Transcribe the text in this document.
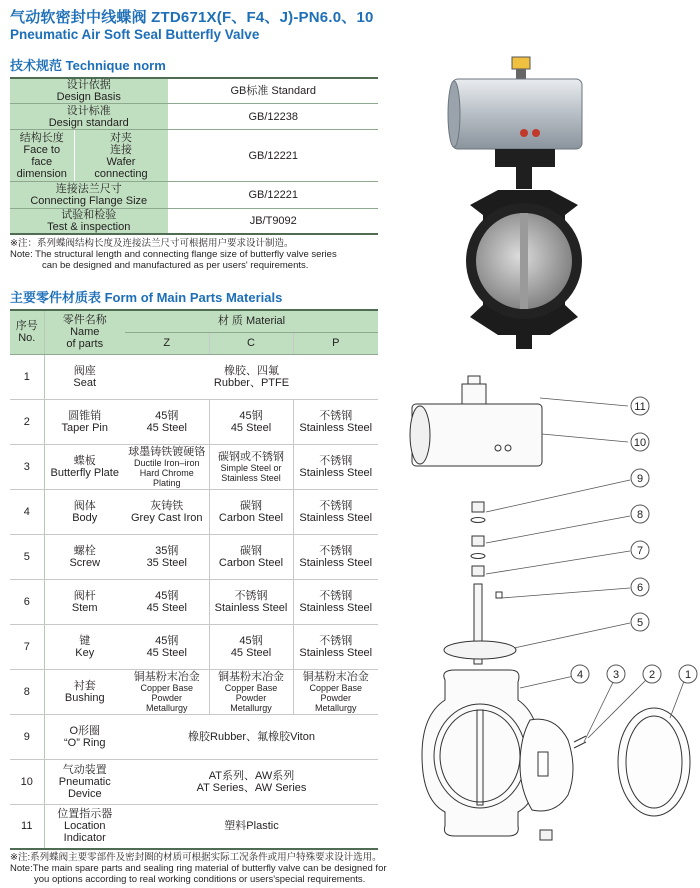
气动软密封中线蝶阀 ZTD671X(F、F4、J)-PN6.0、10
Pneumatic Air Soft Seal Butterfly Valve
技术规范 Technique norm
设计依据
Design Basis		GB标准 Standard

设计标准
Design standard		GB/12238

结构长度
Face to
face
dimension	对夹
连接
Wafer
connecting	GB/12221

连接法兰尺寸
Connecting Flange Size		GB/12221

试验和检验
Test & inspection		JB/T9092
※注：系列蝶阀结构长度及连接法兰尺寸可根据用户要求设计制造。
Note: The structural length and connecting flange size of butterfly valve series
can be designed and manufactured as per users' requirements.
主要零件材质表 Form of Main Parts Materials
序号
No.	零件名称
Name
of parts	材 质 Material		
		Z	C	P
1	阀座
Seat	橡胶、四氟
Rubber、PTFE		

2	圆锥销
Taper Pin	45钢
45 Steel	45钢
45 Steel	不锈钢
Stainless Steel

3	蝶板
Butterfly Plate	球墨铸铁镀硬铬
Ductile Iron–iron
Hard Chrome Plating	碳钢或不锈钢
Simple Steel or
Stainless Steel	不锈钢
Stainless Steel

4	阀体
Body	灰铸铁
Grey Cast Iron	碳钢
Carbon Steel	不锈钢
Stainless Steel

5	螺栓
Screw	35钢
35 Steel	碳钢
Carbon Steel	不锈钢
Stainless Steel

6	阀杆
Stem	45钢
45 Steel	不锈钢
Stainless Steel	不锈钢
Stainless Steel

7	键
Key	45钢
45 Steel	45钢
45 Steel	不锈钢
Stainless Steel

8	衬套
Bushing	铜基粉末冶金
Copper Base Powder
Metallurgy	铜基粉末冶金
Copper Base Powder
Metallurgy	铜基粉末冶金
Copper Base Powder
Metallurgy

9	O形圈
“O” Ring	橡胶Rubber、氟橡胶Viton		
10	气动装置
Pneumatic
Device	AT系列、AW系列
AT Series、AW Series		

11	位置指示器
Location
Indicator	塑料Plastic		
※注:系列蝶阀主要零部件及密封圈的材质可根据实际工况条件或用户特殊要求设计选用。
Note:The main spare parts and sealing ring material of butterfly valve can be designed for
you options according to real working conditions or users'special requirements.
11
10
9
8
7
6
5
4	3	2	1
